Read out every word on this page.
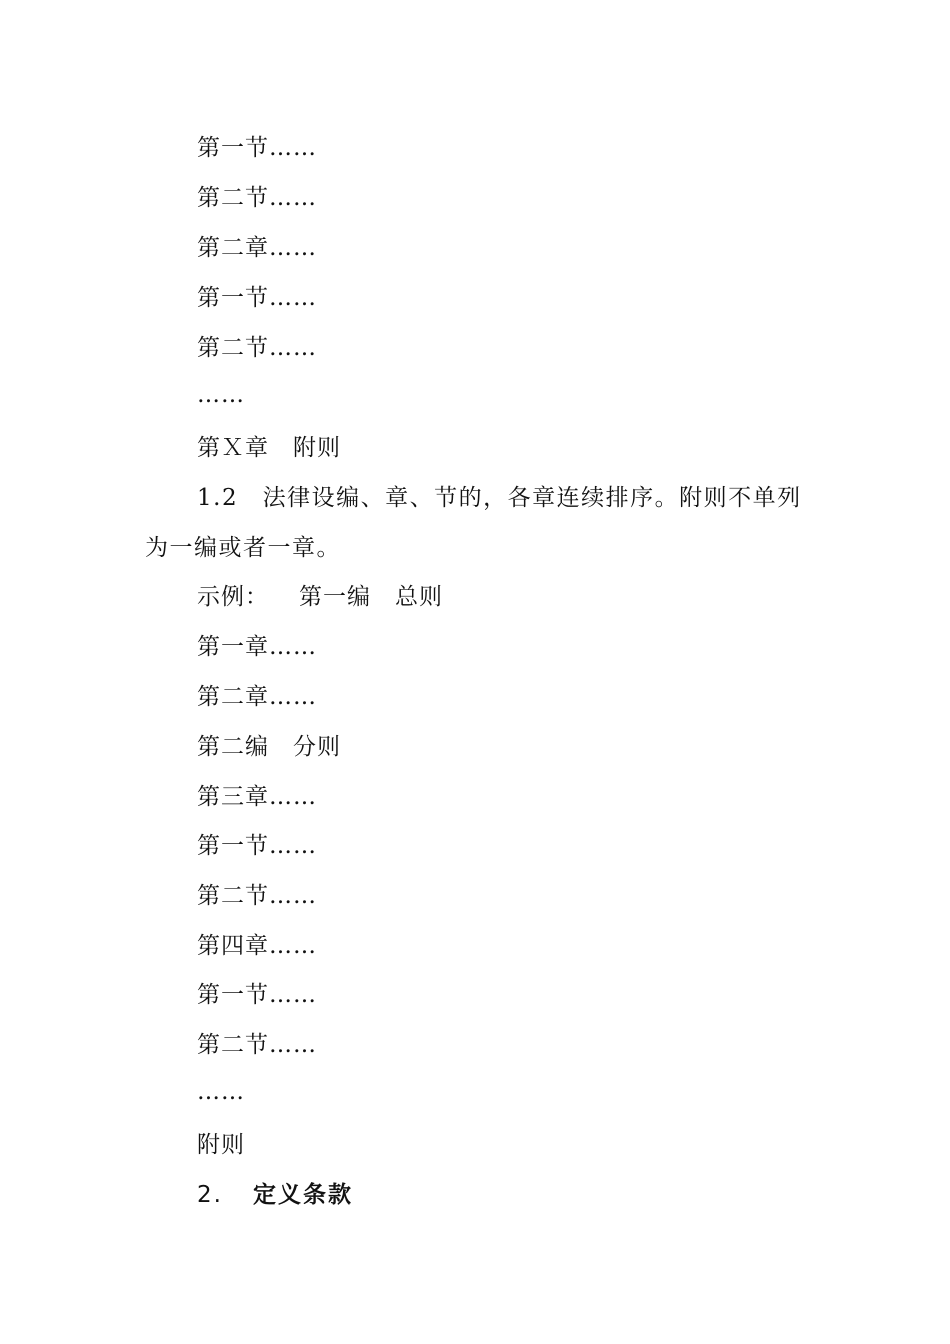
第一节……
第二节……
第二章……
第一节……
第二节……
……
第Ｘ章　附则
1.2　法律设编、章、节的，各章连续排序。附则不单列为一编或者一章。
示例： 第一编　总则
第一章……
第二章……
第二编　分则
第三章……
第一节……
第二节……
第四章……
第一节……
第二节……
……
附则
2. 定义条款
